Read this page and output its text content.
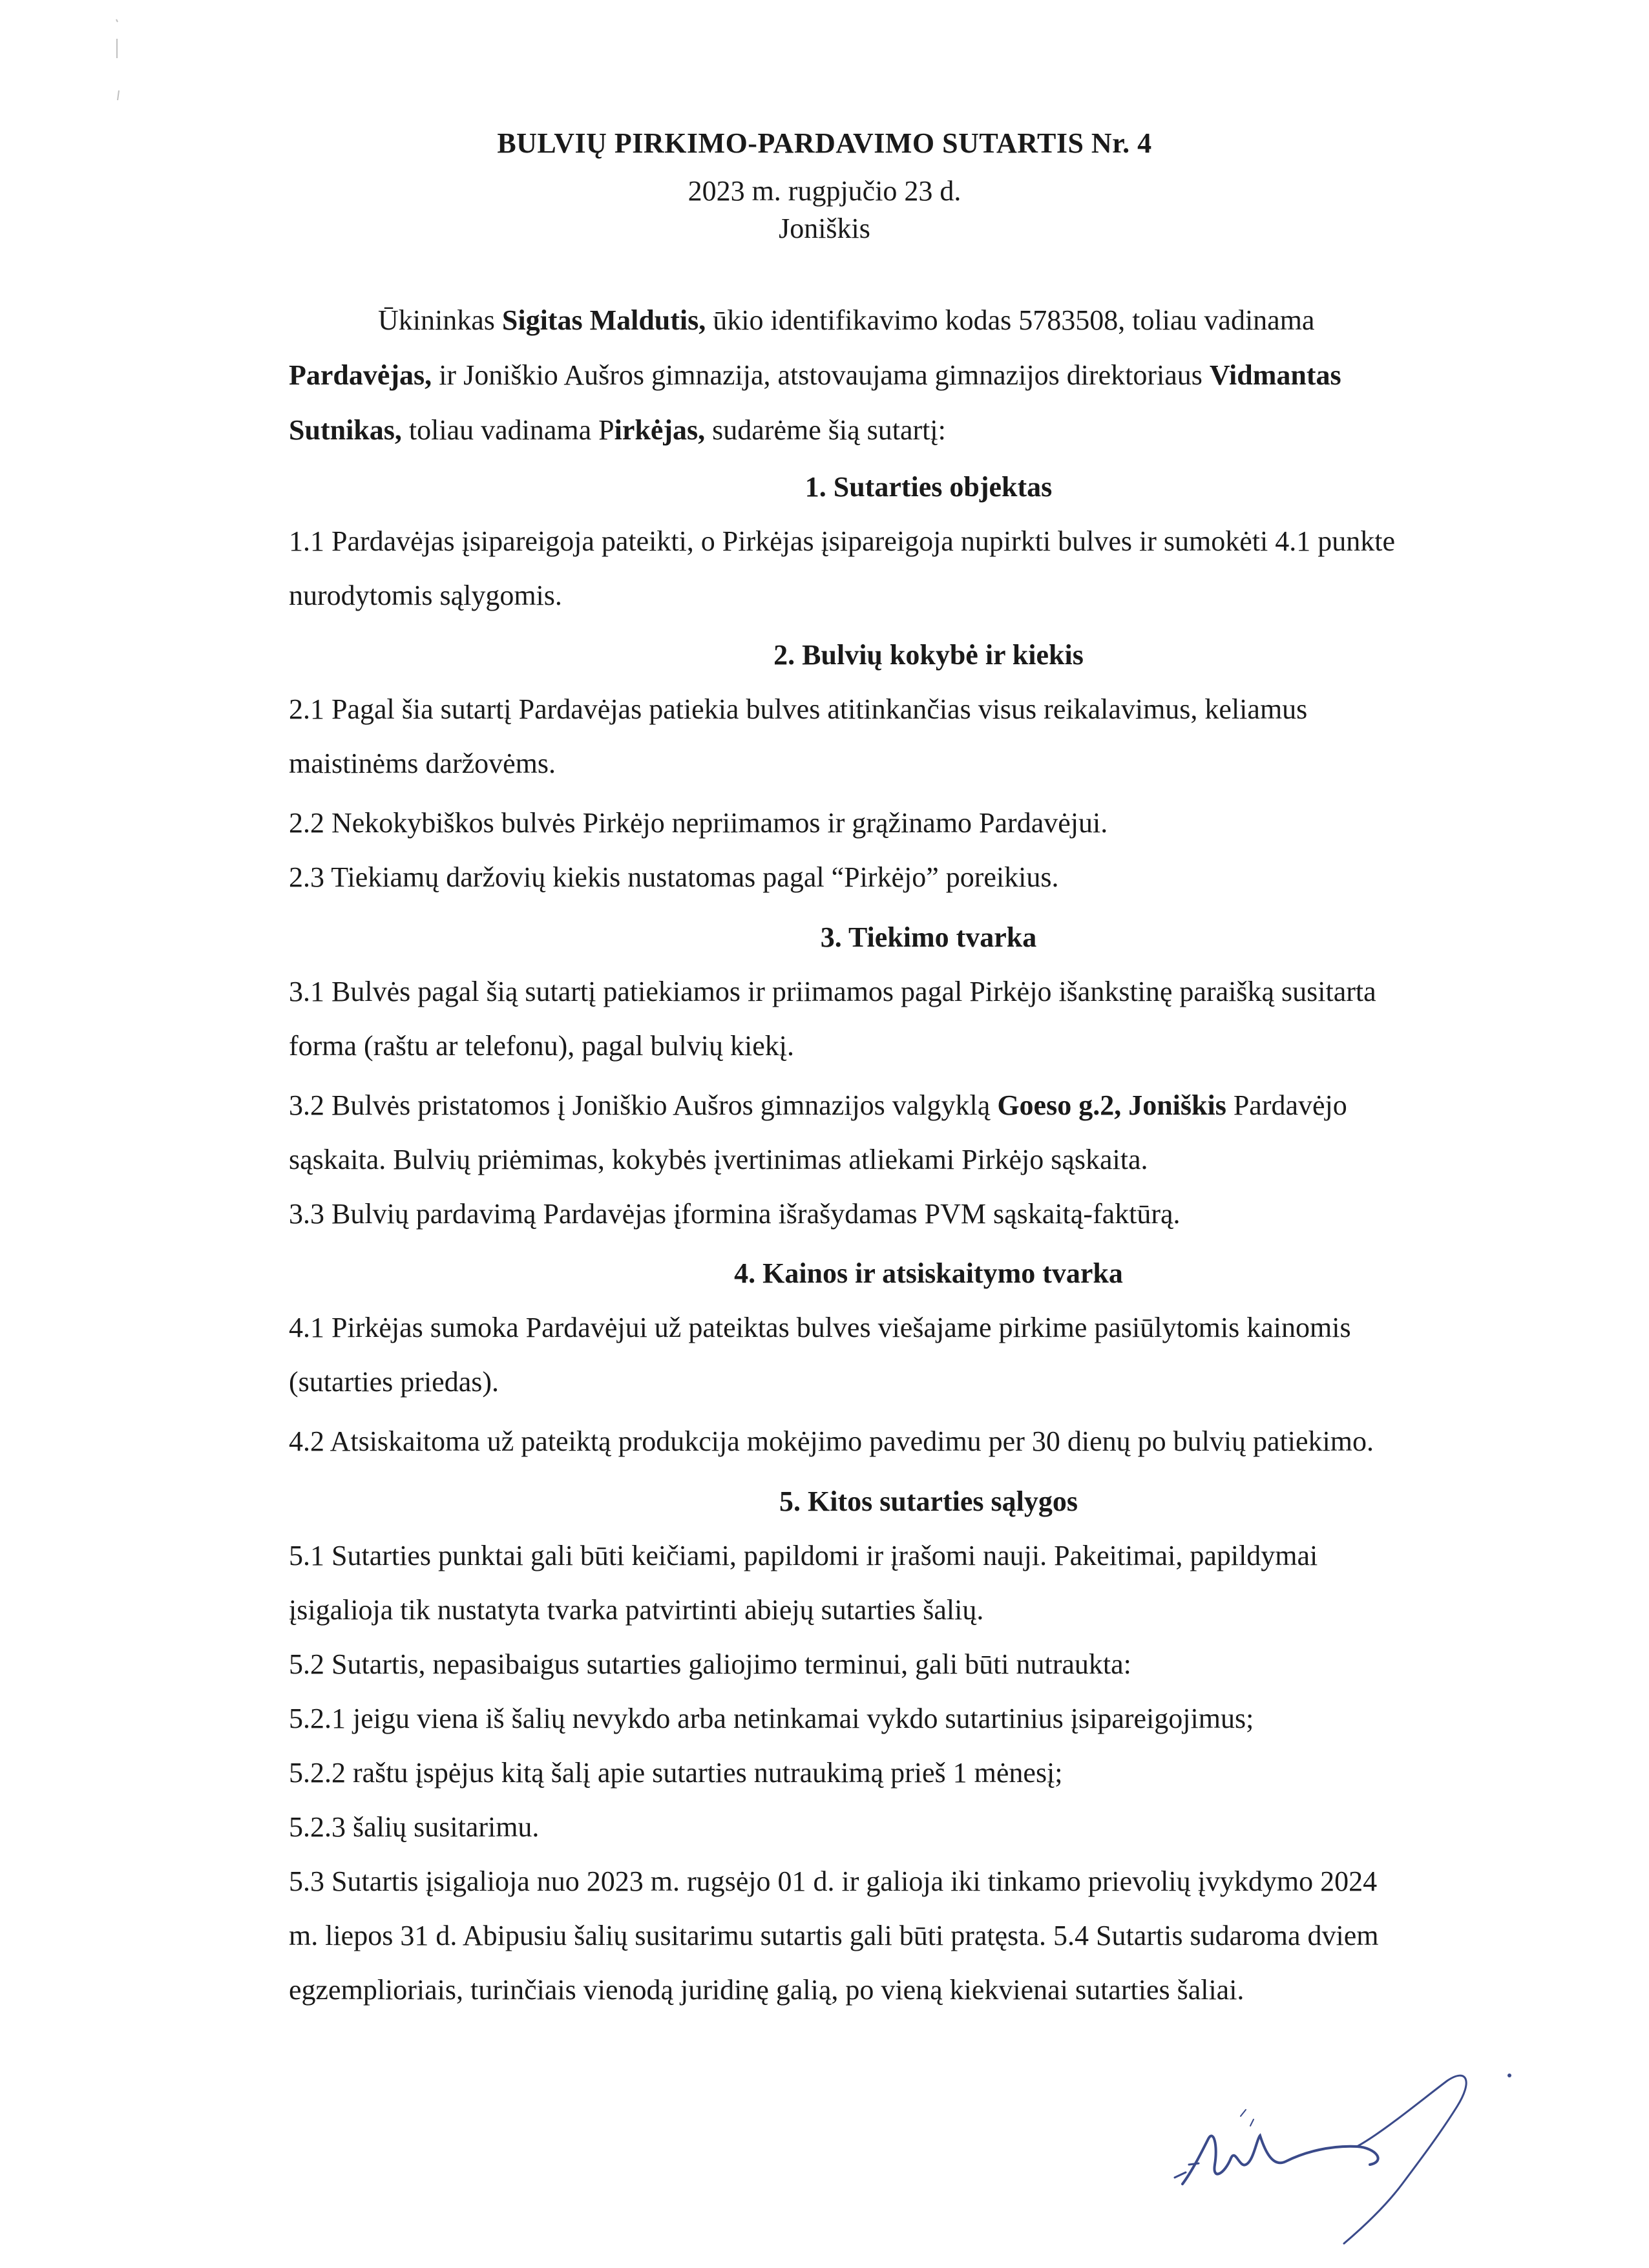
BULVIŲ PIRKIMO-PARDAVIMO SUTARTIS Nr. 4
2023 m. rugpjučio 23 d.
Joniškis
Ūkininkas Sigitas Maldutis, ūkio identifikavimo kodas 5783508, toliau vadinama
Pardavėjas, ir Joniškio Aušros gimnazija, atstovaujama gimnazijos direktoriaus Vidmantas
Sutnikas, toliau vadinama Pirkėjas, sudarėme šią sutartį:
1. Sutarties objektas
1.1 Pardavėjas įsipareigoja pateikti, o Pirkėjas įsipareigoja nupirkti bulves ir sumokėti 4.1 punkte
nurodytomis sąlygomis.
2. Bulvių kokybė ir kiekis
2.1 Pagal šia sutartį Pardavėjas patiekia bulves atitinkančias visus reikalavimus, keliamus
maistinėms daržovėms.
2.2 Nekokybiškos bulvės Pirkėjo nepriimamos ir grąžinamo Pardavėjui.
2.3 Tiekiamų daržovių kiekis nustatomas pagal “Pirkėjo” poreikius.
3. Tiekimo tvarka
3.1 Bulvės pagal šią sutartį patiekiamos ir priimamos pagal Pirkėjo išankstinę paraišką susitarta
forma (raštu ar telefonu), pagal bulvių kiekį.
3.2 Bulvės pristatomos į Joniškio Aušros gimnazijos valgyklą Goeso g.2, Joniškis Pardavėjo
sąskaita. Bulvių priėmimas, kokybės įvertinimas atliekami Pirkėjo sąskaita.
3.3 Bulvių pardavimą Pardavėjas įformina išrašydamas PVM sąskaitą-faktūrą.
4. Kainos ir atsiskaitymo tvarka
4.1 Pirkėjas sumoka Pardavėjui už pateiktas bulves viešajame pirkime pasiūlytomis kainomis
(sutarties priedas).
4.2 Atsiskaitoma už pateiktą produkcija mokėjimo pavedimu per 30 dienų po bulvių patiekimo.
5. Kitos sutarties sąlygos
5.1 Sutarties punktai gali būti keičiami, papildomi ir įrašomi nauji. Pakeitimai, papildymai
įsigalioja tik nustatyta tvarka patvirtinti abiejų sutarties šalių.
5.2 Sutartis, nepasibaigus sutarties galiojimo terminui, gali būti nutraukta:
5.2.1 jeigu viena iš šalių nevykdo arba netinkamai vykdo sutartinius įsipareigojimus;
5.2.2 raštu įspėjus kitą šalį apie sutarties nutraukimą prieš 1 mėnesį;
5.2.3 šalių susitarimu.
5.3 Sutartis įsigalioja nuo 2023 m. rugsėjo 01 d. ir galioja iki tinkamo prievolių įvykdymo 2024
m. liepos 31 d. Abipusiu šalių susitarimu sutartis gali būti pratęsta. 5.4 Sutartis sudaroma dviem
egzemplioriais, turinčiais vienodą juridinę galią, po vieną kiekvienai sutarties šaliai.
